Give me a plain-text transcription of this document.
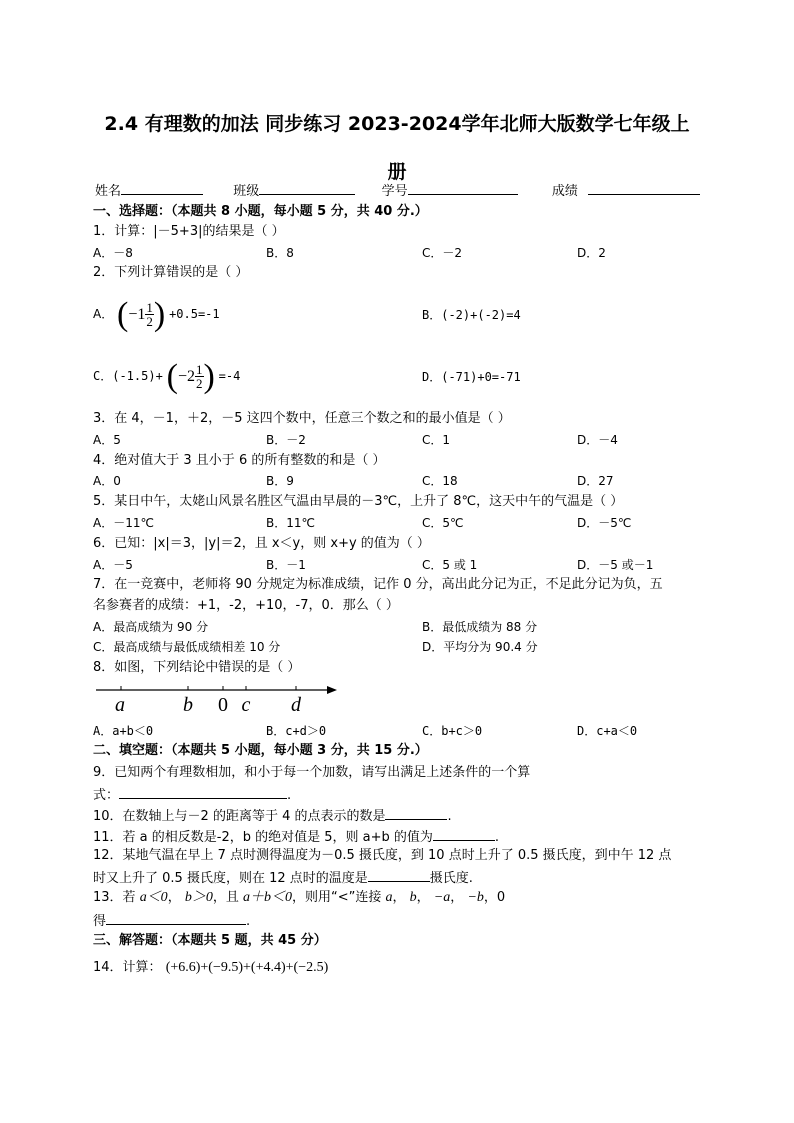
2.4 有理数的加法 同步练习 2023-2024学年北师大版数学七年级上
册
姓名	班级	学号	成绩
一、选择题：（本题共 8 小题，每小题 5 分，共 40 分.）
1．计算：|－5+3|的结果是（ ）
A．－8	B．8	C．－2	D．2
2．下列计算错误的是（ ）
A． ( $-1 \frac{1}{2}$ ) +0.5=-1	B．(-2)+(-2)=4
C．(-1.5)+ ( $-2 \frac{1}{2}$ ) =-4	D．(-71)+0=-71
3．在 4，－1，＋2，－5 这四个数中，任意三个数之和的最小值是（ ）
A．5	B．－2	C．1	D．－4
4．绝对值大于 3 且小于 6 的所有整数的和是（ ）
A．0	B．9	C．18	D．27
5．某日中午，太姥山风景名胜区气温由早晨的－3℃，上升了 8℃，这天中午的气温是（ ）
A．－11℃	B．11℃	C．5℃	D．－5℃
6．已知：|x|＝3，|y|＝2，且 x＜y，则 x+y 的值为（ ）
A．－5	B．－1	C．5 或 1	D．－5 或－1
7．在一竞赛中，老师将 90 分规定为标准成绩，记作 0 分，高出此分记为正，不足此分记为负，五
名参赛者的成绩：+1，-2，+10，-7，0．那么（ ）
A．最高成绩为 90 分	B．最低成绩为 88 分
C．最高成绩与最低成绩相差 10 分	D．平均分为 90.4 分
8．如图，下列结论中错误的是（ ）
a	b 0 c d
A．a+b＜0	B．c+d＞0	C．b+c＞0	D．c+a＜0
二、填空题：（本题共 5 小题，每小题 3 分，共 15 分.）
9．已知两个有理数相加，和小于每一个加数，请写出满足上述条件的一个算
式：	.
10．在数轴上与－2 的距离等于 4 的点表示的数是	.
11．若 a 的相反数是-2，b 的绝对值是 5，则 a+b 的值为	.
12．某地气温在早上 7 点时测得温度为－0.5 摄氏度，到 10 点时上升了 0.5 摄氏度，到中午 12 点
时又上升了 0.5 摄氏度，则在 12 点时的温度是	摄氏度.
13．若 a＜0， b＞0，且 a＋b＜0，则用“<”连接 a， b， −a， −b，0
得	.
三、解答题：（本题共 5 题，共 45 分）
14．计算： (+6.6)+(−9.5)+(+4.4)+(−2.5)
